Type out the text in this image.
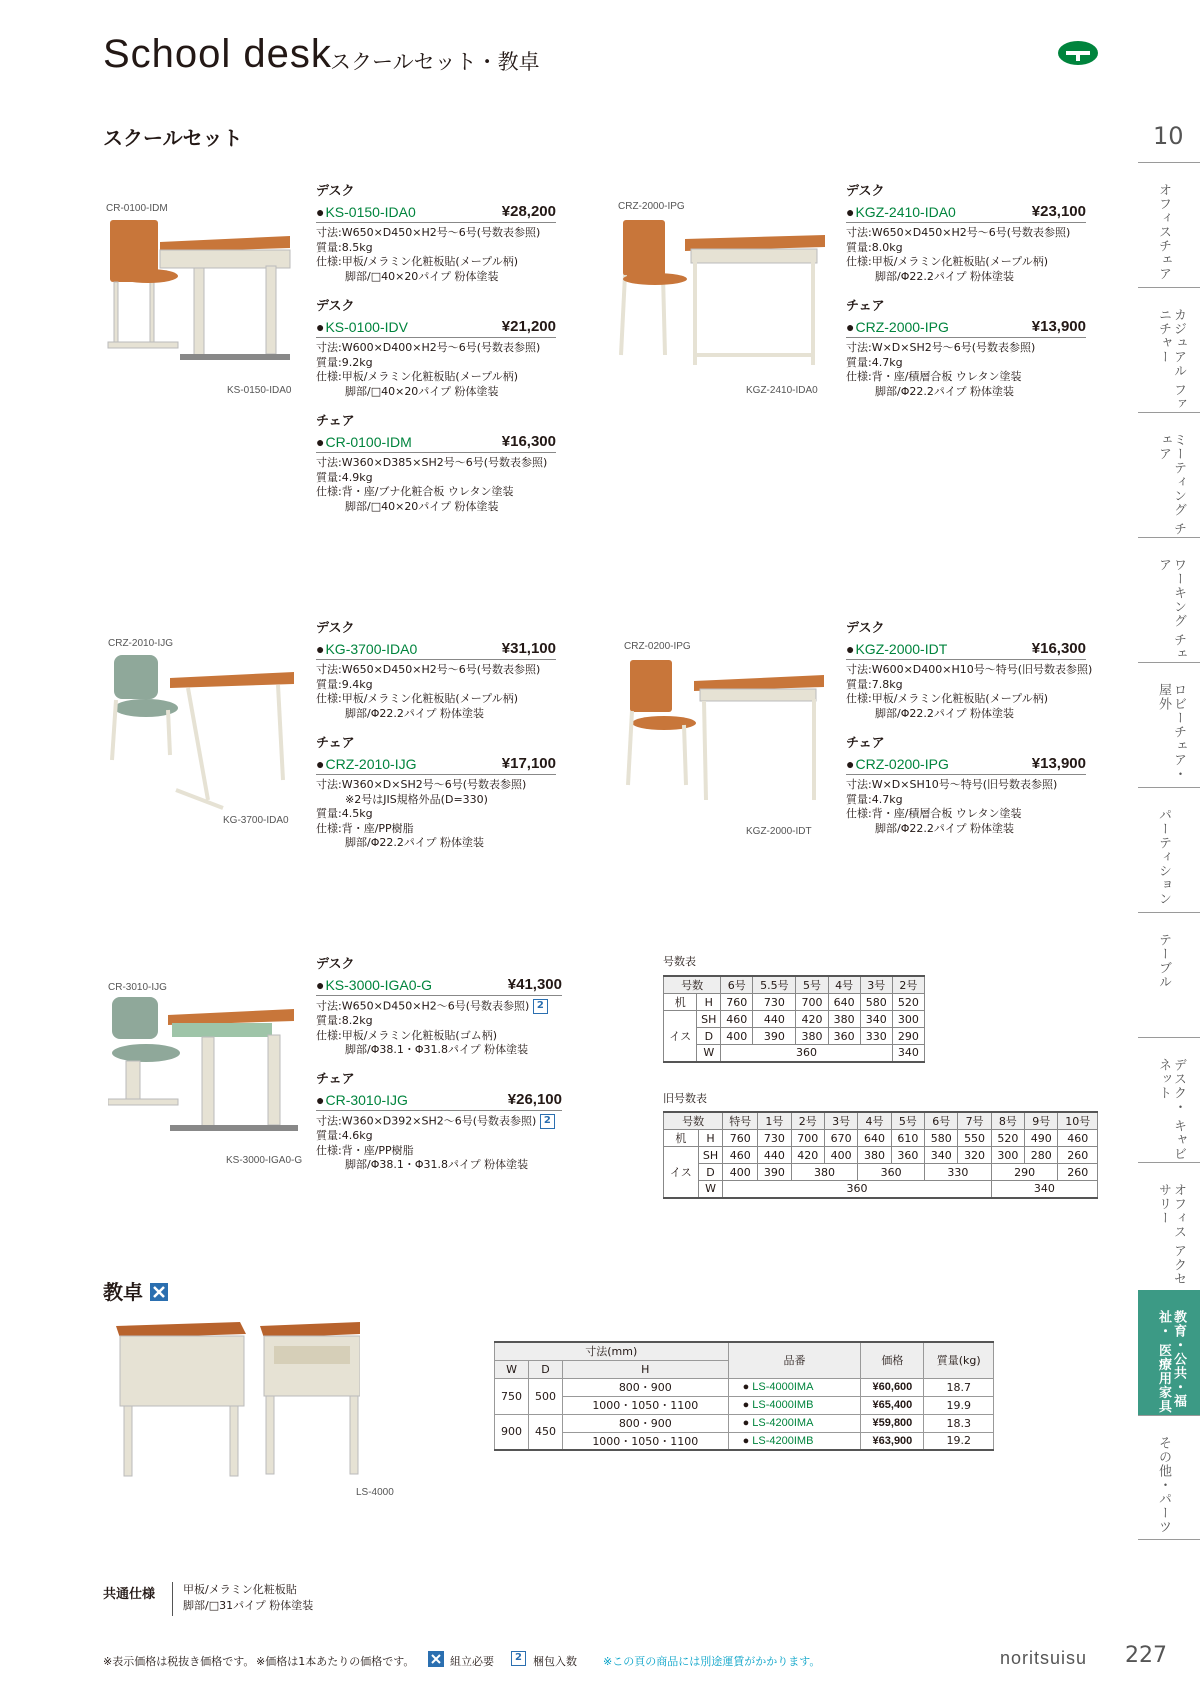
School desk
スクールセット・教卓
スクールセット	10
オフィスチェア
カジュアル ファニチャー
ミーティング チェア
ワーキング チェア
ロビーチェア・ 屋外
パーティション
テーブル
デスク・ キャビネット
オフィス アクセサリー
教育・公共・福祉・ 医療用家具
その他・パーツ
CR-0100-IDM
KS-0150-IDA0
CRZ-2000-IPG
KGZ-2410-IDA0
CRZ-2010-IJG
KG-3700-IDA0
CRZ-0200-IPG
KGZ-2000-IDT
CR-3010-IJG
KS-3000-IGA0-G
デスク
● KS-0150-IDA0	¥28,200
寸法:W650×D450×H2号〜6号(号数表参照)
質量:8.5kg
仕様:甲板/メラミン化粧板貼(メープル柄)
脚部/□40×20パイプ 粉体塗装
デスク
● KS-0100-IDV	¥21,200
寸法:W600×D400×H2号〜6号(号数表参照)
質量:9.2kg
仕様:甲板/メラミン化粧板貼(メープル柄)
脚部/□40×20パイプ 粉体塗装
チェア
● CR-0100-IDM	¥16,300
寸法:W360×D385×SH2号〜6号(号数表参照)
質量:4.9kg
仕様:背・座/ブナ化粧合板 ウレタン塗装
脚部/□40×20パイプ 粉体塗装
デスク
● KGZ-2410-IDA0	¥23,100
寸法:W650×D450×H2号〜6号(号数表参照)
質量:8.0kg
仕様:甲板/メラミン化粧板貼(メープル柄)
脚部/Φ22.2パイプ 粉体塗装
チェア
● CRZ-2000-IPG	¥13,900
寸法:W×D×SH2号〜6号(号数表参照)
質量:4.7kg
仕様:背・座/積層合板 ウレタン塗装
脚部/Φ22.2パイプ 粉体塗装
デスク
● KG-3700-IDA0	¥31,100
寸法:W650×D450×H2号〜6号(号数表参照)
質量:9.4kg
仕様:甲板/メラミン化粧板貼(メープル柄)
脚部/Φ22.2パイプ 粉体塗装
チェア
● CRZ-2010-IJG	¥17,100
寸法:W360×D×SH2号〜6号(号数表参照)
※2号はJIS規格外品(D=330)
質量:4.5kg
仕様:背・座/PP樹脂
脚部/Φ22.2パイプ 粉体塗装
デスク
● KGZ-2000-IDT	¥16,300
寸法:W600×D400×H10号〜特号(旧号数表参照)
質量:7.8kg
仕様:甲板/メラミン化粧板貼(メープル柄)
脚部/Φ22.2パイプ 粉体塗装
チェア
● CRZ-0200-IPG	¥13,900
寸法:W×D×SH10号〜特号(旧号数表参照)
質量:4.7kg
仕様:背・座/積層合板 ウレタン塗装
脚部/Φ22.2パイプ 粉体塗装
デスク
● KS-3000-IGA0-G	¥41,300
寸法:W650×D450×H2〜6号(号数表参照) 2
質量:8.2kg
仕様:甲板/メラミン化粧板貼(ゴム柄)
脚部/Φ38.1・Φ31.8パイプ 粉体塗装
チェア
● CR-3010-IJG	¥26,100
寸法:W360×D392×SH2〜6号(号数表参照) 2
質量:4.6kg
仕様:背・座/PP樹脂
脚部/Φ38.1・Φ31.8パイプ 粉体塗装
号数表
号数		6号	5.5号	5号	4号	3号	2号
机	H	760	730	700	640	580	520
イス	SH	460	440	420	380	340	300
	D	400	390	380	360	330	290
	W	360					340
旧号数表
号数		特号	1号	2号	3号	4号	5号	6号	7号	8号	9号	10号
机	H	760	730	700	670	640	610	580	550	520	490	460
イス	SH	460	440	420	400	380	360	340	320	300	280	260
	D	400	390	380		360		330		290		260
	W	360								340		
教卓
LS-4000
寸法(mm)			品番	価格	質量(kg)
W	D	H			
750	500	800・900	● LS-4000IMA	¥60,600	18.7
		1000・1050・1100	● LS-4000IMB	¥65,400	19.9
900	450	800・900	● LS-4200IMA	¥59,800	18.3
		1000・1050・1100	● LS-4200IMB	¥63,900	19.2
共通仕様	甲板/メラミン化粧板貼
脚部/□31パイプ 粉体塗装
※表示価格は税抜き価格です。 ※価格は1本あたりの価格です。	組立必要	2	梱包入数 ※この頁の商品には別途運賃がかかります。	noritsuisu 227
